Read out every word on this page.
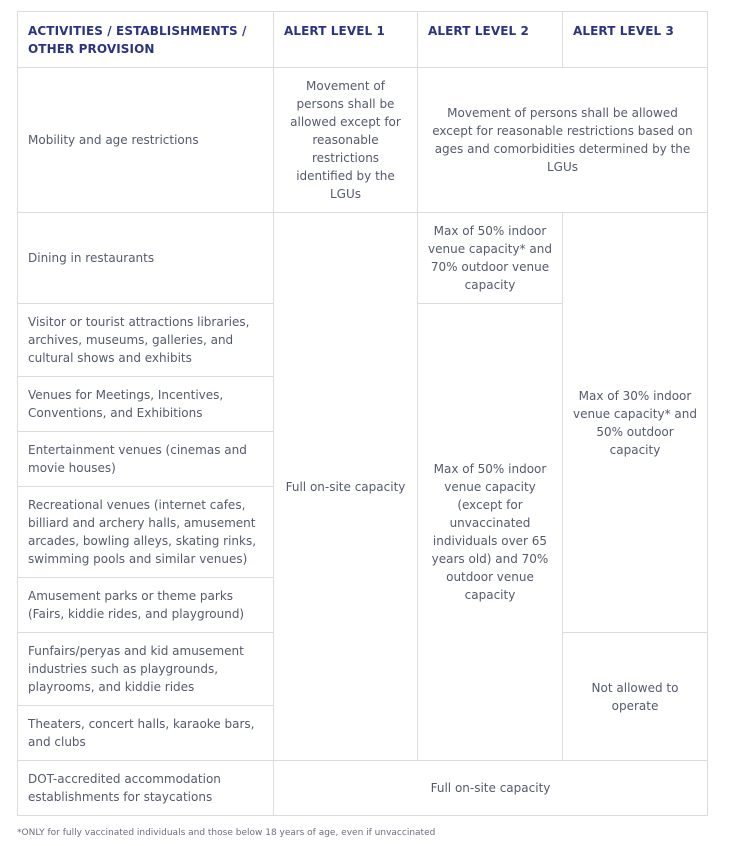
ACTIVITIES / ESTABLISHMENTS / OTHER PROVISION	ALERT LEVEL 1	ALERT LEVEL 2	ALERT LEVEL 3
Mobility and age restrictions	Movement of persons shall be allowed except for reasonable restrictions identified by the LGUs	Movement of persons shall be allowed except for reasonable restrictions based on ages and comorbidities determined by the LGUs	
Dining in restaurants	Full on-site capacity	Max of 50% indoor venue capacity* and 70% outdoor venue capacity	Max of 30% indoor venue capacity* and 50% outdoor capacity
Visitor or tourist attractions libraries, archives, museums, galleries, and cultural shows and exhibits		Max of 50% indoor venue capacity (except for unvaccinated individuals over 65 years old) and 70% outdoor venue capacity	
Venues for Meetings, Incentives, Conventions, and Exhibitions			
Entertainment venues (cinemas and movie houses)			
Recreational venues (internet cafes, billiard and archery halls, amusement arcades, bowling alleys, skating rinks, swimming pools and similar venues)			
Amusement parks or theme parks (Fairs, kiddie rides, and playground)			
Funfairs/peryas and kid amusement industries such as playgrounds, playrooms, and kiddie rides			Not allowed to operate
Theaters, concert halls, karaoke bars, and clubs			
DOT-accredited accommodation establishments for staycations	Full on-site capacity		
*ONLY for fully vaccinated individuals and those below 18 years of age, even if unvaccinated
